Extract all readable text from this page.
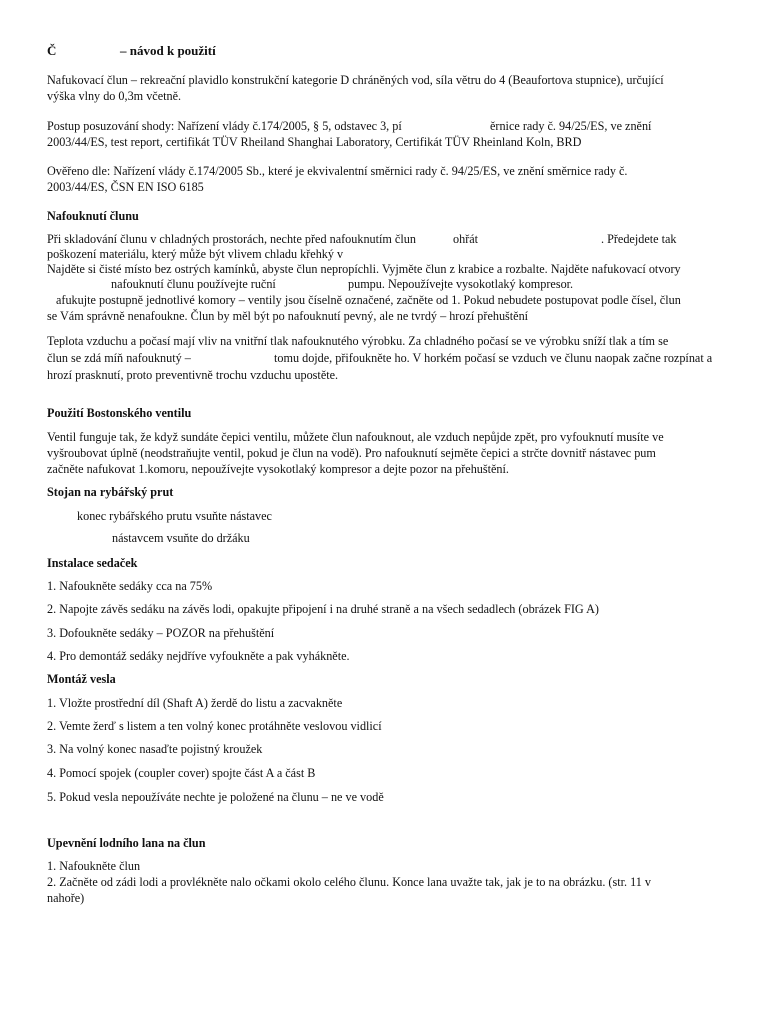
Č	– návod k použití
Nafukovací člun – rekreační plavidlo konstrukční kategorie D chráněných vod, síla větru do 4 (Beaufortova stupnice), určující
výška vlny do 0,3m včetně.
Postup posuzování shody: Nařízení vlády č.174/2005, § 5, odstavec 3, pí	ěrnice rady č. 94/25/ES, ve znění
2003/44/ES, test report, certifikát TÜV Rheiland Shanghai Laboratory, Certifikát TÜV Rheinland Koln, BRD
Ověřeno dle: Nařízení vlády č.174/2005 Sb., které je ekvivalentní směrnici rady č. 94/25/ES, ve znění směrnice rady č.
2003/44/ES, ČSN EN ISO 6185
Nafouknutí člunu
Při skladování člunu v chladných prostorách, nechte před nafouknutím člun	ohřát	. Předejdete tak
poškození materiálu, který může být vlivem chladu křehký v
Najděte si čisté místo bez ostrých kamínků, abyste člun nepropíchli. Vyjměte člun z krabice a rozbalte. Najděte nafukovací otvory
nafouknutí člunu používejte ruční	pumpu. Nepoužívejte vysokotlaký kompresor.
afukujte postupně jednotlivé komory – ventily jsou číselně označené, začněte od 1. Pokud nebudete postupovat podle čísel, člun
se Vám správně nenafoukne. Člun by měl být po nafouknutí pevný, ale ne tvrdý – hrozí přehuštění
Teplota vzduchu a počasí mají vliv na vnitřní tlak nafouknutého výrobku. Za chladného počasí se ve výrobku sníží tlak a tím se
člun se zdá míň nafouknutý –	tomu dojde, přifoukněte ho. V horkém počasí se vzduch ve člunu naopak začne rozpínat a
hrozí prasknutí, proto preventivně trochu vzduchu upostěte.
Použití Bostonského ventilu
Ventil funguje tak, že když sundáte čepici ventilu, můžete člun nafouknout, ale vzduch nepůjde zpět, pro vyfouknutí musíte ve
vyšroubovat úplně (neodstraňujte ventil, pokud je člun na vodě). Pro nafouknutí sejměte čepici a strčte dovnitř nástavec pum
začněte nafukovat 1.komoru, nepoužívejte vysokotlaký kompresor a dejte pozor na přehuštění.
Stojan na rybářský prut
konec rybářského prutu vsuňte nástavec
nástavcem vsuňte do držáku
Instalace sedaček
1. Nafoukněte sedáky cca na 75%
2. Napojte závěs sedáku na závěs lodi, opakujte připojení i na druhé straně a na všech sedadlech (obrázek FIG A)
3. Dofoukněte sedáky – POZOR na přehuštění
4. Pro demontáž sedáky nejdříve vyfoukněte a pak vyhákněte.
Montáž vesla
1. Vložte prostřední díl (Shaft A) žerdě do listu a zacvakněte
2. Vemte žerď s listem a ten volný konec protáhněte veslovou vidlicí
3. Na volný konec nasaďte pojistný kroužek
4. Pomocí spojek (coupler cover) spojte část A a část B
5. Pokud vesla nepoužíváte nechte je položené na člunu – ne ve vodě
Upevnění lodního lana na člun
1. Nafoukněte člun
2. Začněte od zádi lodi a provlékněte nalo očkami okolo celého člunu. Konce lana uvažte tak, jak je to na obrázku. (str. 11 v
nahoře)
